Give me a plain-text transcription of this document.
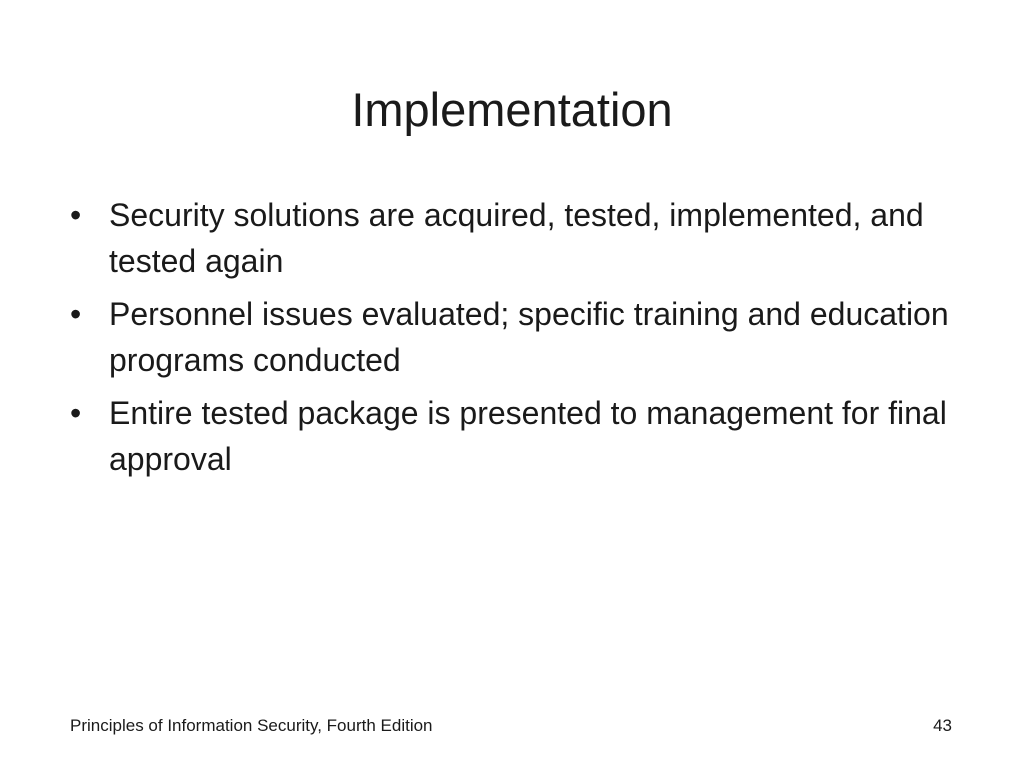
Implementation
• Security solutions are acquired, tested, implemented, and tested again
• Personnel issues evaluated; specific training and education programs conducted
• Entire tested package is presented to management for final approval
Principles of Information Security, Fourth Edition	43
